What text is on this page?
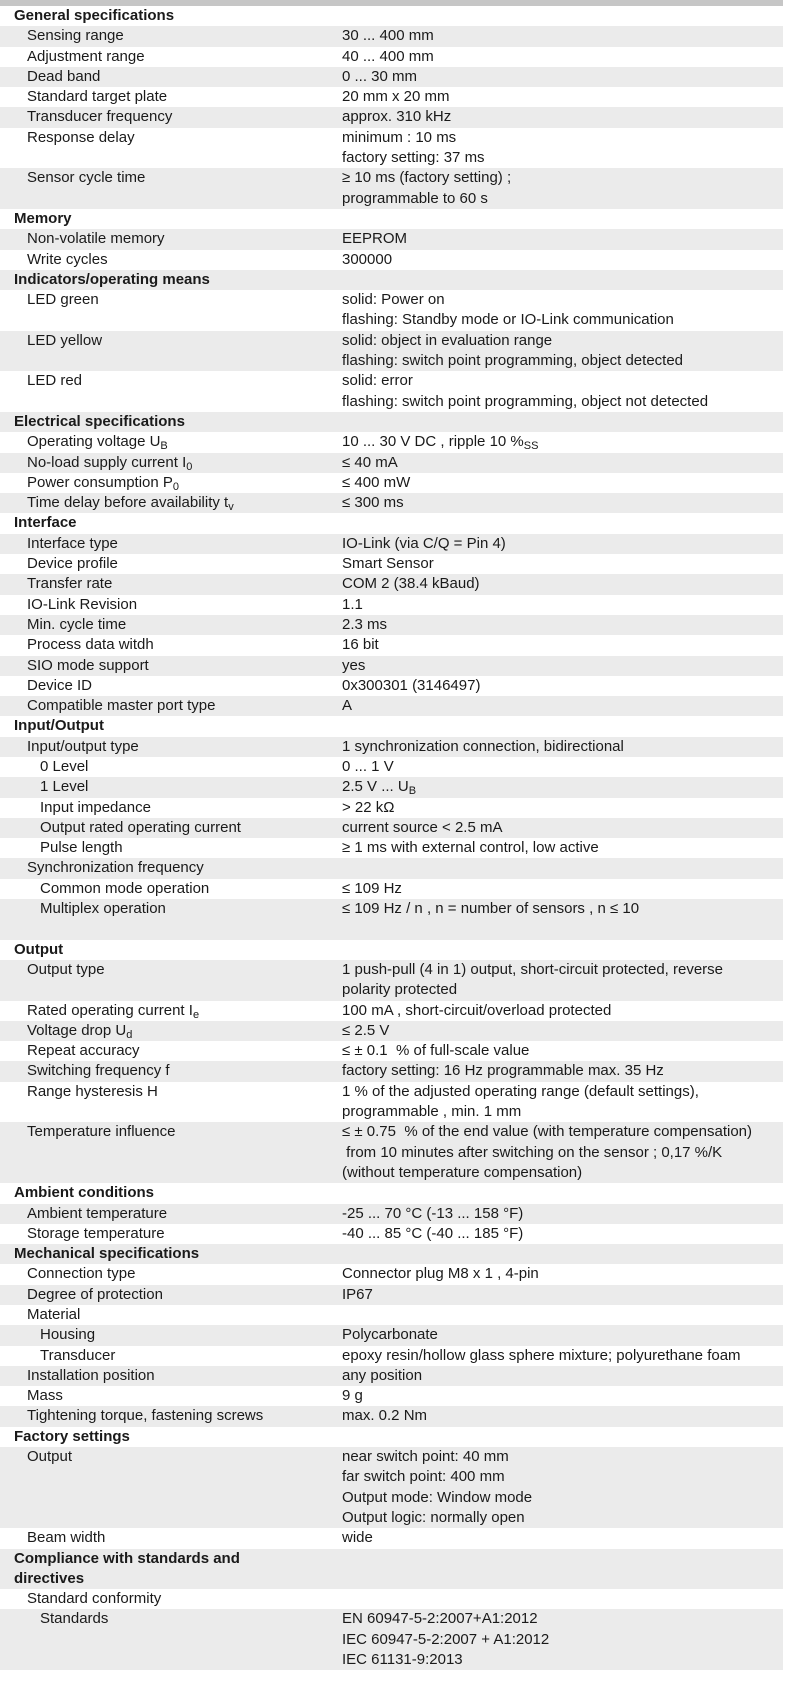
General specifications
Sensing range	30 ... 400 mm
Adjustment range	40 ... 400 mm
Dead band	0 ... 30 mm
Standard target plate	20 mm x 20 mm
Transducer frequency	approx. 310 kHz
Response delay	minimum : 10 ms
factory setting: 37 ms
Sensor cycle time	≥ 10 ms (factory setting) ;
programmable to 60 s
Memory
Non-volatile memory	EEPROM
Write cycles	300000
Indicators/operating means
LED green	solid: Power on
flashing: Standby mode or IO-Link communication
LED yellow	solid: object in evaluation range
flashing: switch point programming, object detected
LED red	solid: error
flashing: switch point programming, object not detected
Electrical specifications
Operating voltage $U_B$	10 ... 30 V DC , ripple 10 $\%_{SS}$
No-load supply current $I_0$	≤ 40 mA
Power consumption $P_0$	≤ 400 mW
Time delay before availability $t_v$	≤ 300 ms
Interface
Interface type	IO-Link (via C/Q = Pin 4)
Device profile	Smart Sensor
Transfer rate	COM 2 (38.4 kBaud)
IO-Link Revision	1.1
Min. cycle time	2.3 ms
Process data witdh	16 bit
SIO mode support	yes
Device ID	0x300301 (3146497)
Compatible master port type	A
Input/Output
Input/output type	1 synchronization connection, bidirectional
0 Level	0 ... 1 V
1 Level	2.5 V ... $U_B$
Input impedance	> 22 kΩ
Output rated operating current	current source < 2.5 mA
Pulse length	≥ 1 ms with external control, low active
Synchronization frequency
Common mode operation	≤ 109 Hz
Multiplex operation	≤ 109 Hz / n , n = number of sensors , n ≤ 10
Output
Output type	1 push-pull (4 in 1) output, short-circuit protected, reverse
polarity protected
Rated operating current $I_e$	100 mA , short-circuit/overload protected
Voltage drop $U_d$	≤ 2.5 V
Repeat accuracy	≤ ± 0.1  % of full-scale value
Switching frequency f	factory setting: 16 Hz programmable max. 35 Hz
Range hysteresis H	1 % of the adjusted operating range (default settings),
programmable , min. 1 mm
Temperature influence	≤ ± 0.75  % of the end value (with temperature compensation)
from 10 minutes after switching on the sensor ; 0,17 %/K
(without temperature compensation)
Ambient conditions
Ambient temperature	-25 ... 70 °C (-13 ... 158 °F)
Storage temperature	-40 ... 85 °C (-40 ... 185 °F)
Mechanical specifications
Connection type	Connector plug M8 x 1 , 4-pin
Degree of protection	IP67
Material
Housing	Polycarbonate
Transducer	epoxy resin/hollow glass sphere mixture; polyurethane foam
Installation position	any position
Mass	9 g
Tightening torque, fastening screws	max. 0.2 Nm
Factory settings
Output	near switch point: 40 mm
far switch point: 400 mm
Output mode: Window mode
Output logic: normally open
Beam width	wide
Compliance with standards and directives
Standard conformity
Standards	EN 60947-5-2:2007+A1:2012
IEC 60947-5-2:2007 + A1:2012
IEC 61131-9:2013
